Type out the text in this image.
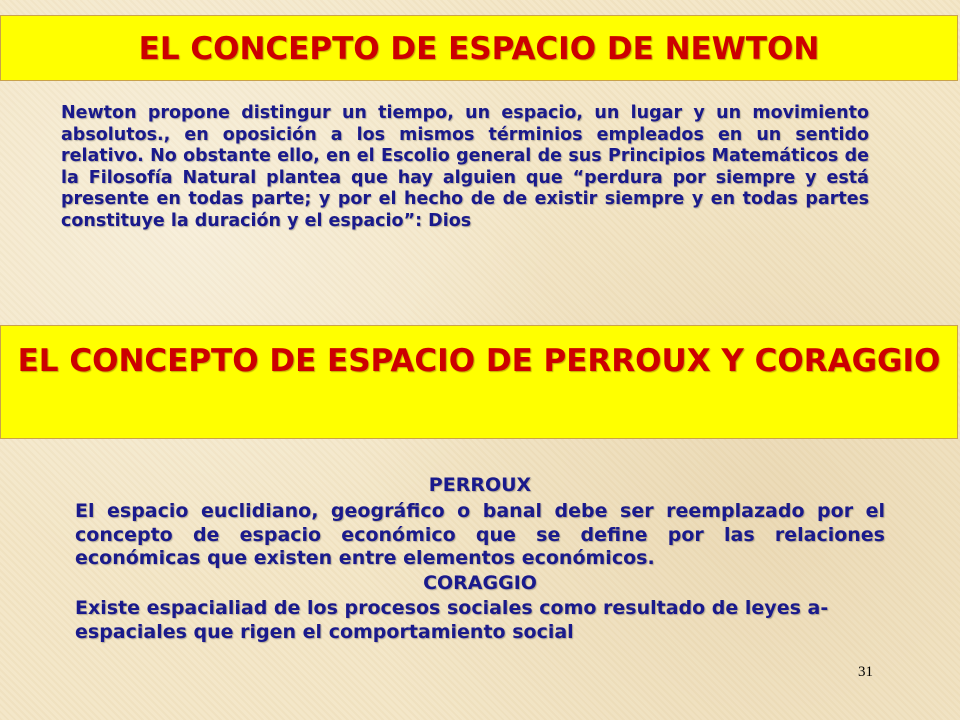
EL CONCEPTO DE ESPACIO DE NEWTON
Newton propone distingur un tiempo, un espacio, un lugar y un movimiento absolutos., en oposición a los mismos términios empleados en un sentido relativo. No obstante ello, en el Escolio general de sus Principios Matemáticos de la Filosofía Natural plantea que hay alguien que “perdura por siempre y está presente en todas parte; y por el hecho de de existir siempre y en todas partes constituye la duración y el espacio”: Dios
EL CONCEPTO DE ESPACIO DE PERROUX Y CORAGGIO
PERROUX
El espacio euclidiano, geográfico o banal debe ser reemplazado por el concepto de espacio económico que se define por las relaciones económicas que existen entre elementos económicos.
CORAGGIO
Existe espacialiad de los procesos sociales como resultado de leyes a-espaciales que rigen el comportamiento social
31
